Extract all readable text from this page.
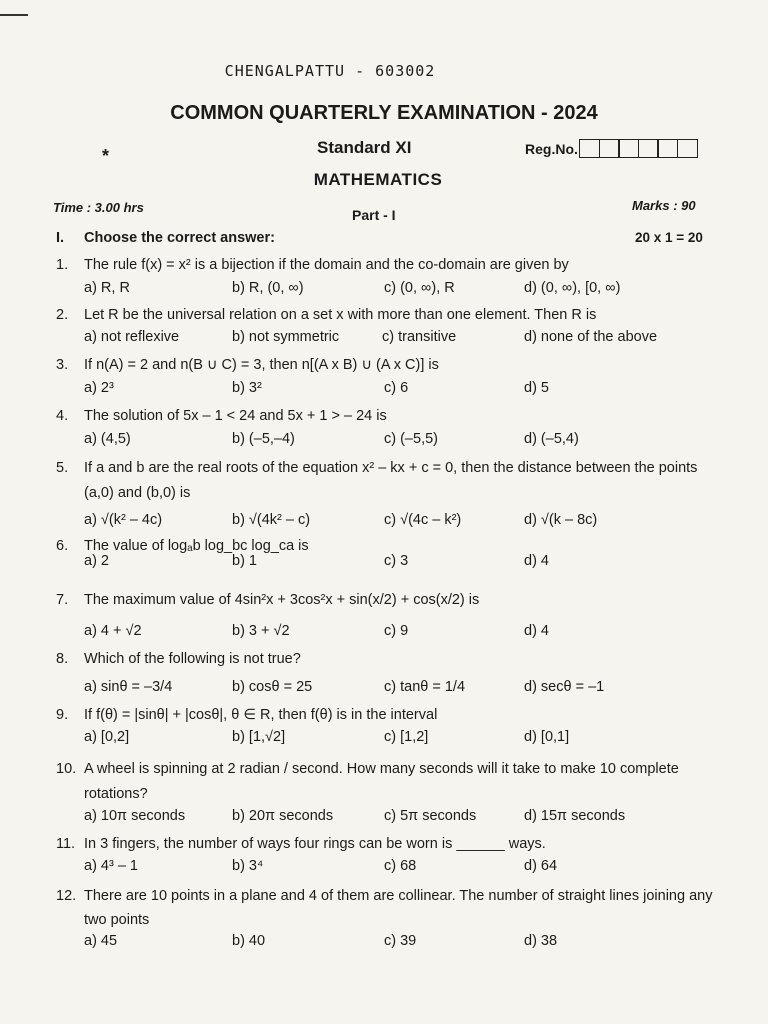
CHENGALPATTU - 603002
COMMON QUARTERLY EXAMINATION - 2024
*	Standard XI	Reg.No.
MATHEMATICS
Time : 3.00 hrs	Part - I
Marks : 90
I. Choose the correct answer:	20 x 1 = 20
1. The rule f(x) = x² is a bijection if the domain and the co-domain are given by
a) R, R	b) R, (0, ∞)	c) (0, ∞), R	d) (0, ∞), [0, ∞)
2. Let R be the universal relation on a set x with more than one element. Then R is
a) not reflexive	b) not symmetric	c) transitive	d) none of the above
3. If n(A) = 2 and n(B ∪ C) = 3, then n[(A x B) ∪ (A x C)] is
a) 2³	b) 3²	c) 6	d) 5
4. The solution of 5x – 1 < 24 and 5x + 1 > – 24 is
a) (4,5)	b) (–5,–4)	c) (–5,5)	d) (–5,4)
5. If a and b are the real roots of the equation x² – kx + c = 0, then the distance between the points (a,0) and (b,0) is
a) √(k² – 4c)	b) √(4k² – c)	c) √(4c – k²)	d) √(k – 8c)
6. The value of logₐb log_bc log_ca is
a) 2	b) 1	c) 3	d) 4
7. The maximum value of 4sin²x + 3cos²x + sin(x/2) + cos(x/2) is
a) 4 + √2	b) 3 + √2	c) 9	d) 4
8. Which of the following is not true?
a) sinθ = –3/4	b) cosθ = 25	c) tanθ = 1/4	d) secθ = –1
9. If f(θ) = |sinθ| + |cosθ|, θ ∈ R, then f(θ) is in the interval
a) [0,2]	b) [1,√2]	c) [1,2]	d) [0,1]
10. A wheel is spinning at 2 radian / second. How many seconds will it take to make 10 complete rotations?
a) 10π seconds	b) 20π seconds	c) 5π seconds	d) 15π seconds
11. In 3 fingers, the number of ways four rings can be worn is ______ ways.
a) 4³ – 1	b) 3⁴	c) 68	d) 64
12. There are 10 points in a plane and 4 of them are collinear. The number of straight lines joining any two points
a) 45	b) 40	c) 39	d) 38
